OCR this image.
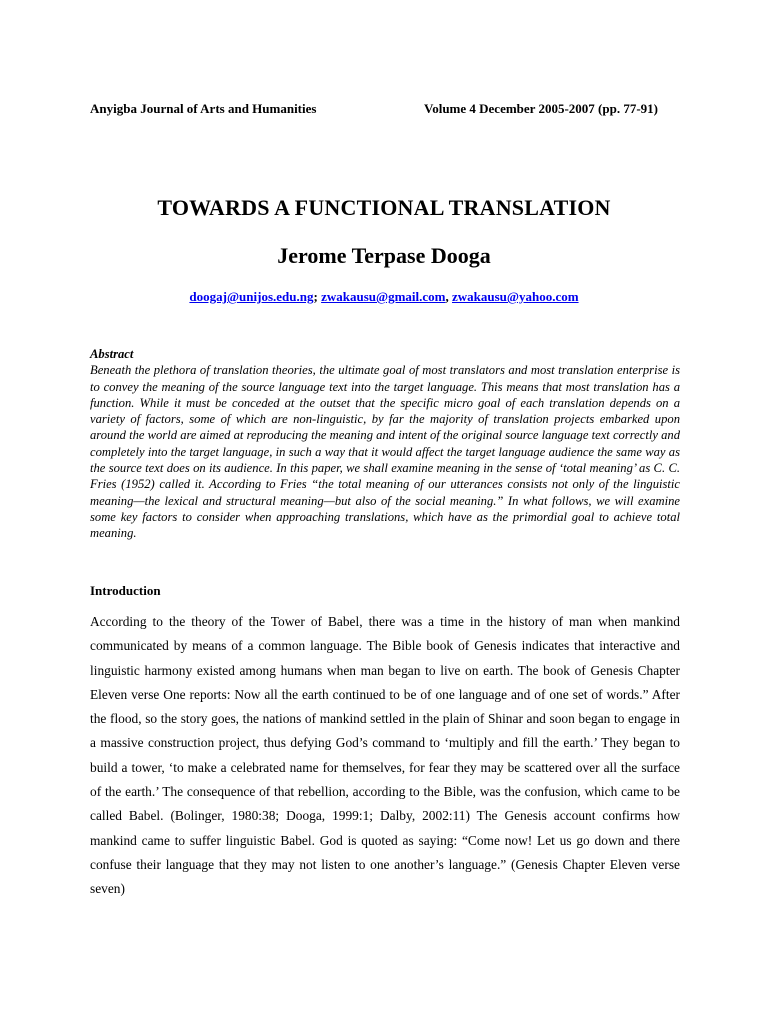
Anyigba Journal of Arts and Humanities	Volume 4 December 2005-2007 (pp. 77-91)
TOWARDS A FUNCTIONAL TRANSLATION
Jerome Terpase Dooga
doogaj@unijos.edu.ng; zwakausu@gmail.com, zwakausu@yahoo.com
Abstract
Beneath the plethora of translation theories, the ultimate goal of most translators and most translation enterprise is to convey the meaning of the source language text into the target language. This means that most translation has a function. While it must be conceded at the outset that the specific micro goal of each translation depends on a variety of factors, some of which are non-linguistic, by far the majority of translation projects embarked upon around the world are aimed at reproducing the meaning and intent of the original source language text correctly and completely into the target language, in such a way that it would affect the target language audience the same way as the source text does on its audience. In this paper, we shall examine meaning in the sense of ‘total meaning’ as C. C. Fries (1952) called it. According to Fries “the total meaning of our utterances consists not only of the linguistic meaning—the lexical and structural meaning—but also of the social meaning.” In what follows, we will examine some key factors to consider when approaching translations, which have as the primordial goal to achieve total meaning.
Introduction
According to the theory of the Tower of Babel, there was a time in the history of man when mankind communicated by means of a common language. The Bible book of Genesis indicates that interactive and linguistic harmony existed among humans when man began to live on earth. The book of Genesis Chapter Eleven verse One reports: Now all the earth continued to be of one language and of one set of words.” After the flood, so the story goes, the nations of mankind settled in the plain of Shinar and soon began to engage in a massive construction project, thus defying God’s command to ‘multiply and fill the earth.’ They began to build a tower, ‘to make a celebrated name for themselves, for fear they may be scattered over all the surface of the earth.’ The consequence of that rebellion, according to the Bible, was the confusion, which came to be called Babel. (Bolinger, 1980:38; Dooga, 1999:1; Dalby, 2002:11) The Genesis account confirms how mankind came to suffer linguistic Babel. God is quoted as saying: “Come now! Let us go down and there confuse their language that they may not listen to one another’s language.” (Genesis Chapter Eleven verse seven)
